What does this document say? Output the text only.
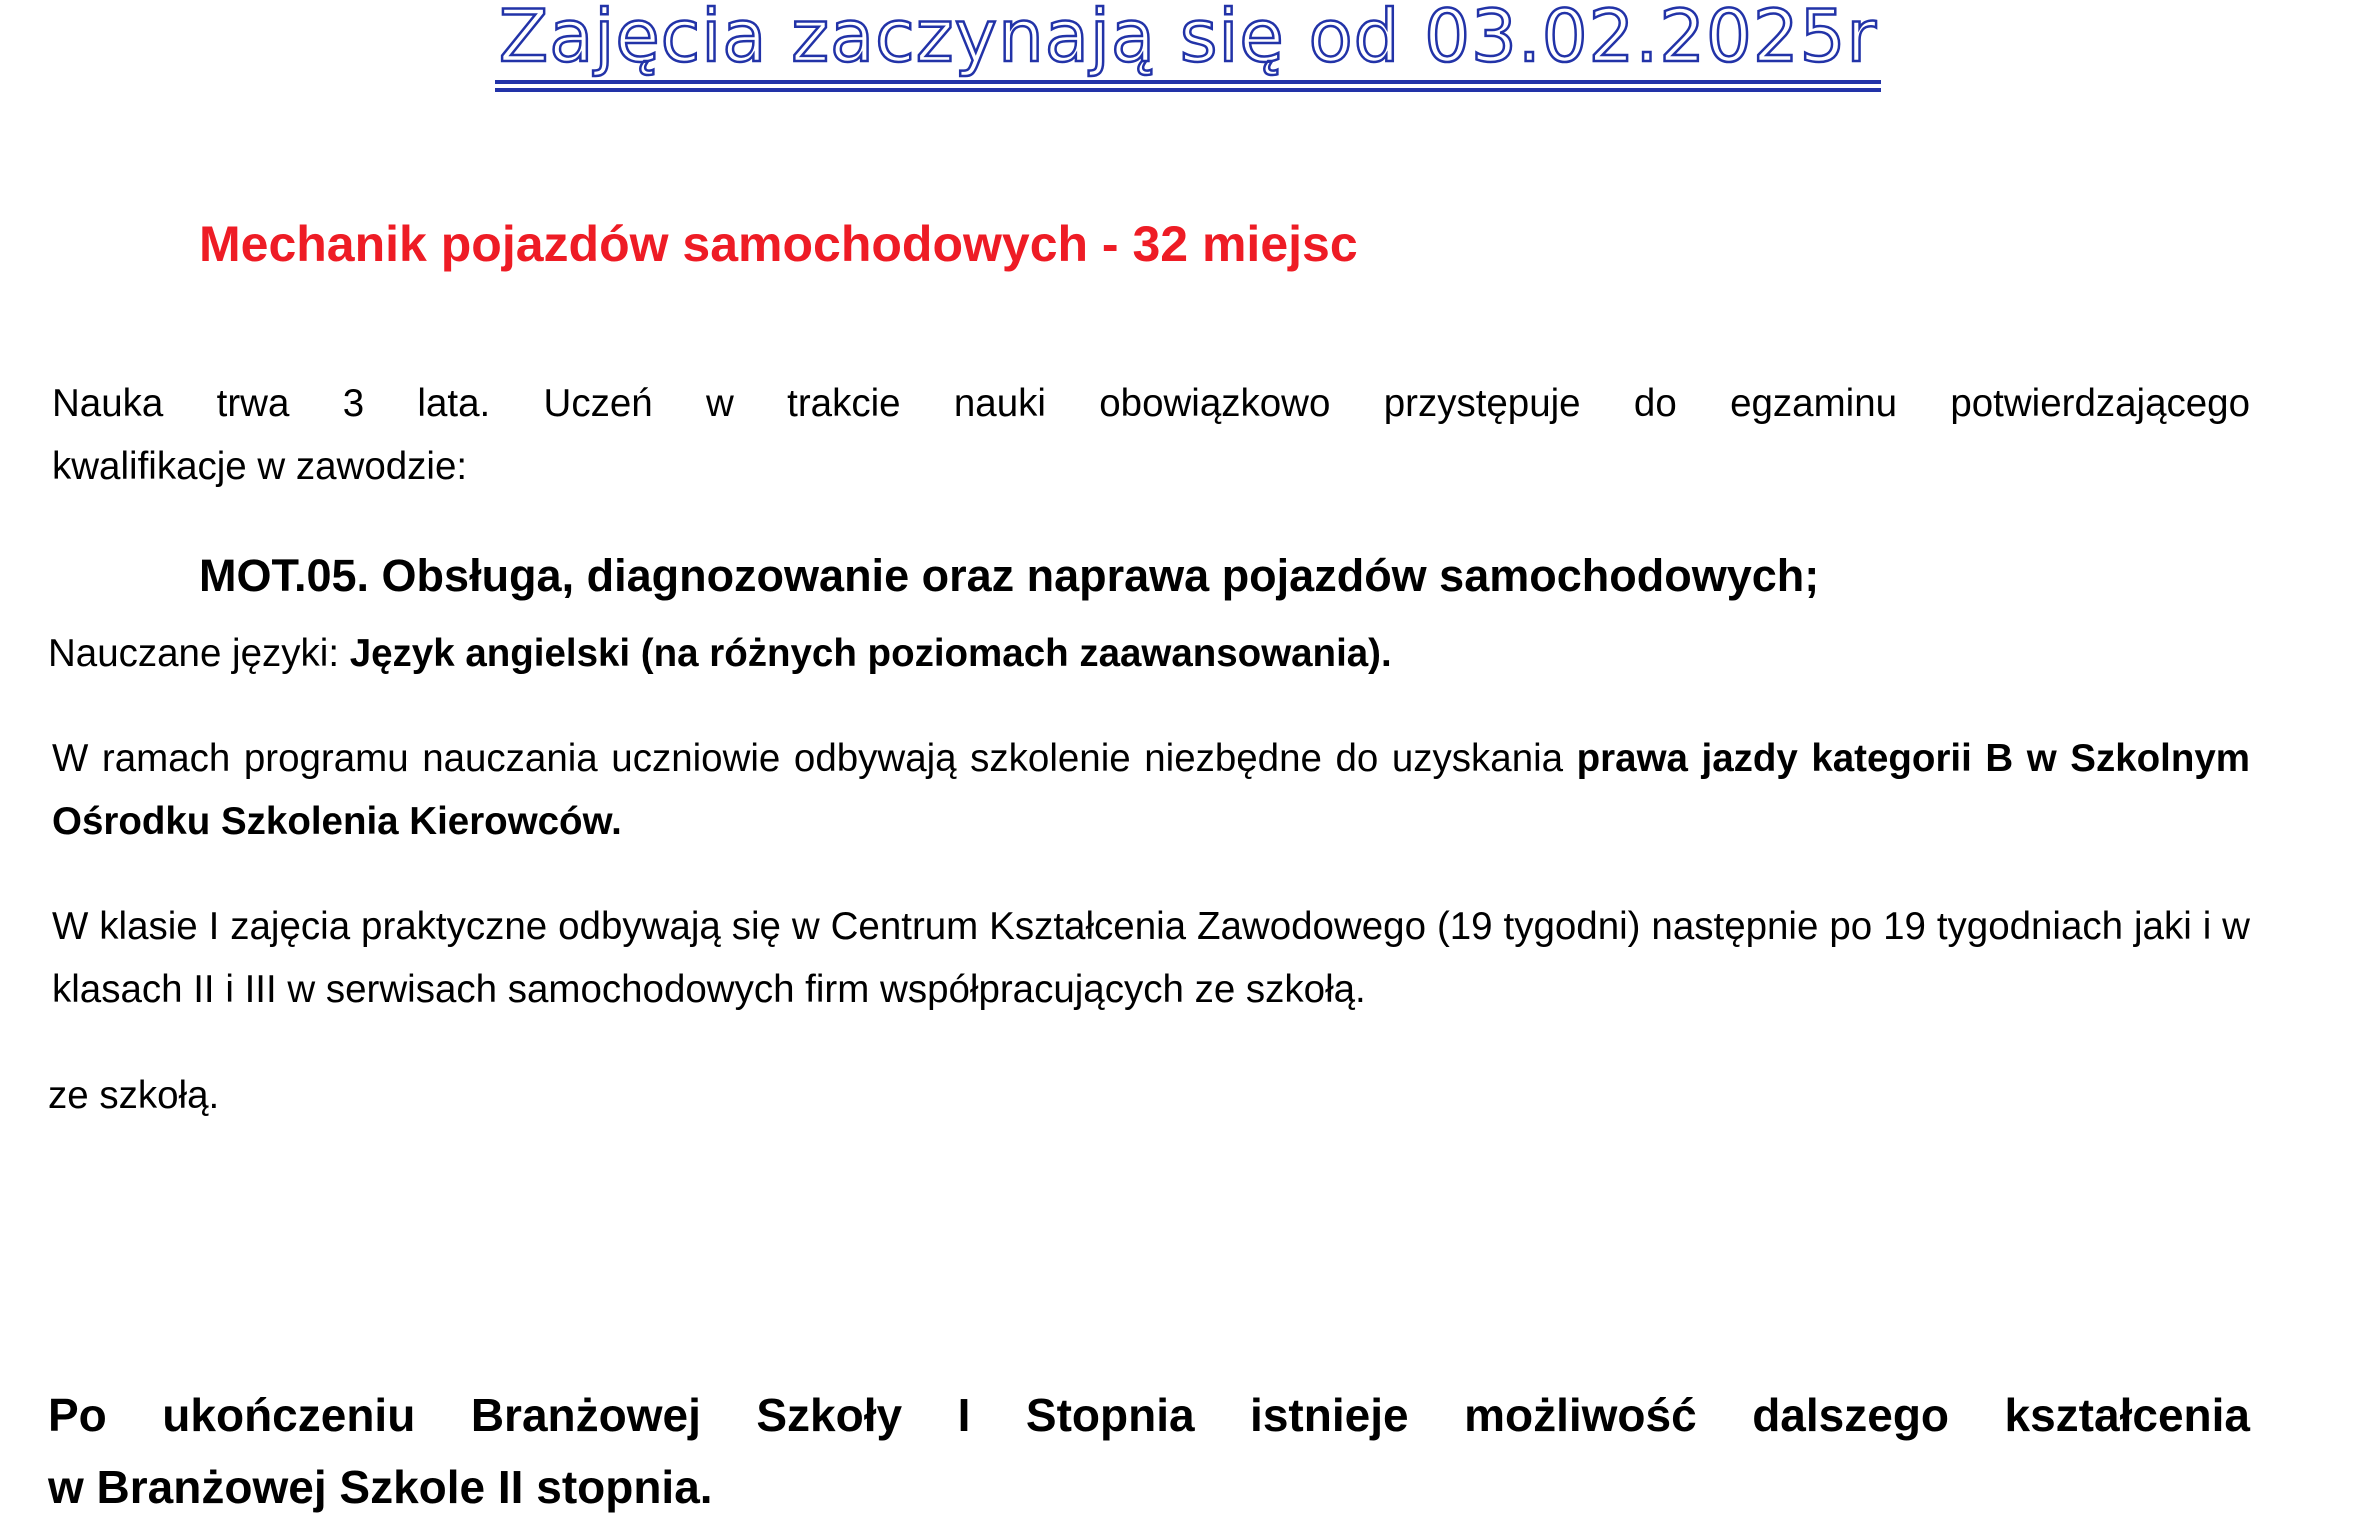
Zajęcia zaczynają się od 03.02.2025r
Mechanik pojazdów samochodowych - 32 miejsc
Nauka trwa 3 lata. Uczeń w trakcie nauki obowiązkowo przystępuje do egzaminu potwierdzającego
kwalifikacje w zawodzie:
MOT.05. Obsługa, diagnozowanie oraz naprawa pojazdów samochodowych;
Nauczane języki: Język angielski (na różnych poziomach zaawansowania).
W ramach programu nauczania uczniowie odbywają szkolenie niezbędne do uzyskania prawa jazdy kategorii B w Szkolnym Ośrodku Szkolenia Kierowców.
W klasie I zajęcia praktyczne odbywają się w Centrum Kształcenia Zawodowego (19 tygodni) następnie po 19 tygodniach jaki i w klasach II i III w serwisach samochodowych firm współpracujących ze szkołą.
ze szkołą.
Po ukończeniu Branżowej Szkoły I Stopnia istnieje możliwość dalszego kształcenia
w Branżowej Szkole II stopnia.
